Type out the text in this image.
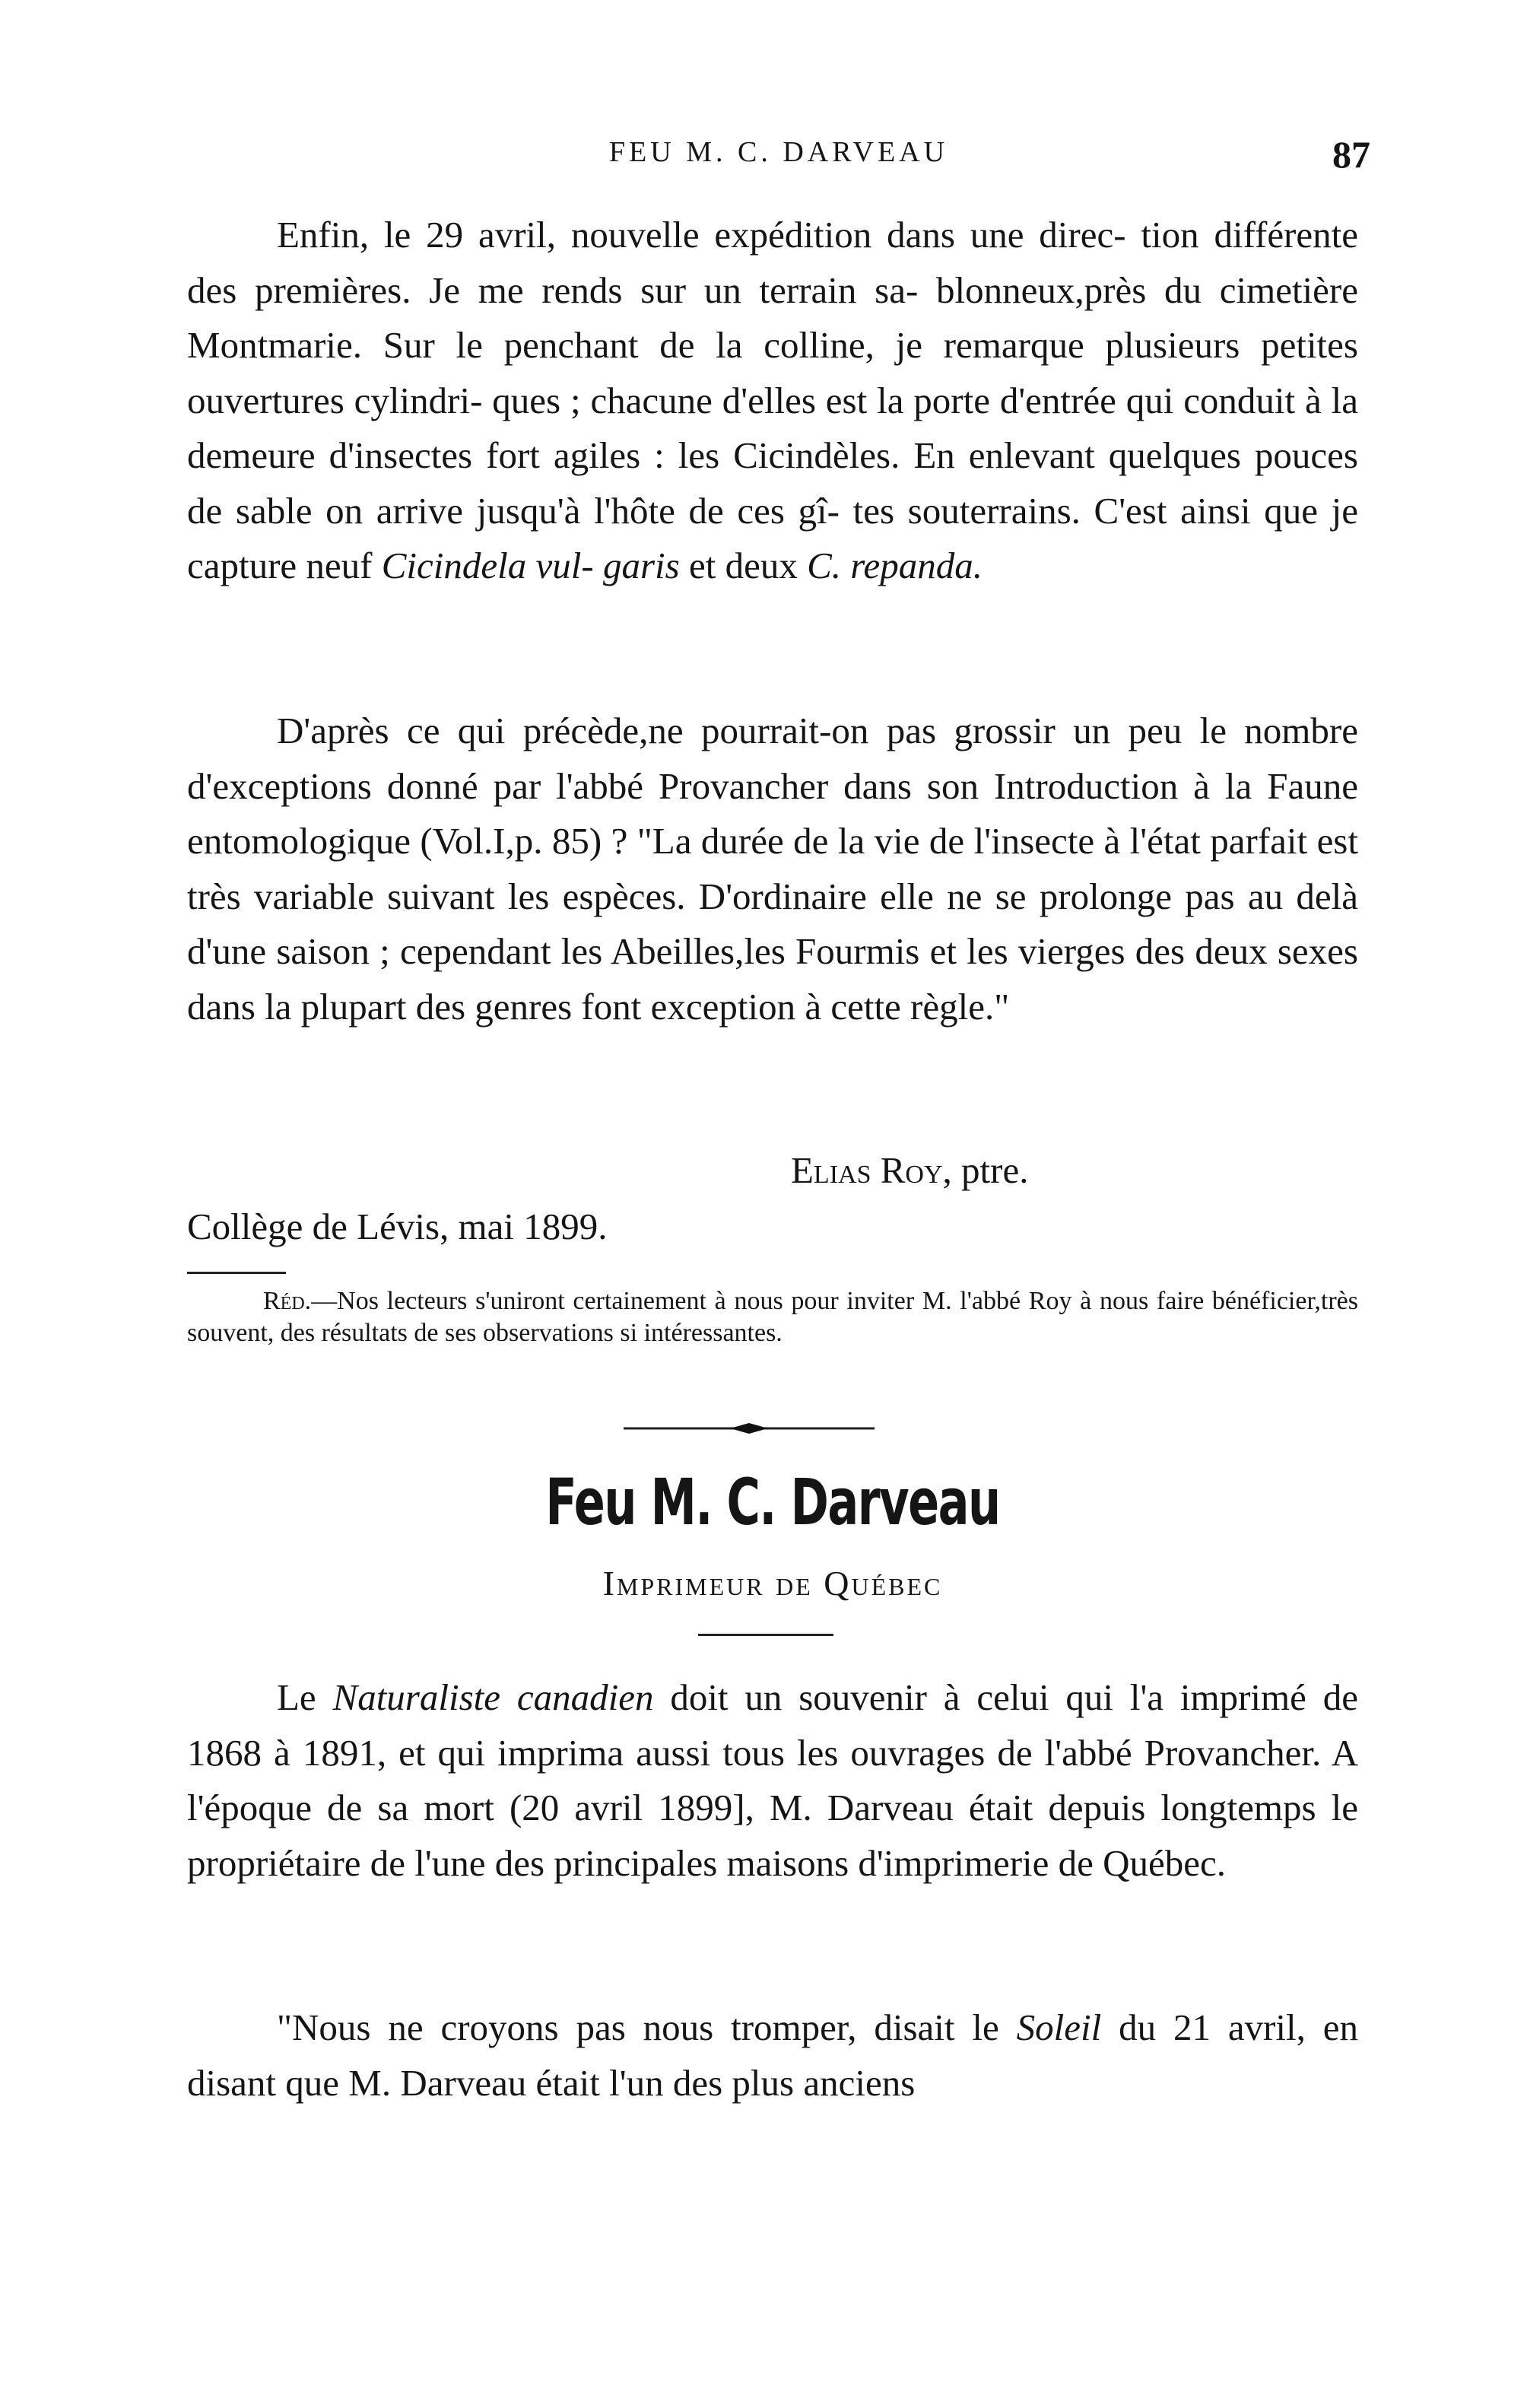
FEU M. C. DARVEAU	87

Enfin, le 29 avril, nouvelle expédition dans une direc- tion différente des premières. Je me rends sur un terrain sa- blonneux,près du cimetière Montmarie. Sur le penchant de la colline, je remarque plusieurs petites ouvertures cylindri- ques ; chacune d'elles est la porte d'entrée qui conduit à la demeure d'insectes fort agiles : les Cicindèles. En enlevant quelques pouces de sable on arrive jusqu'à l'hôte de ces gî- tes souterrains. C'est ainsi que je capture neuf Cicindela vul- garis et deux C. repanda.

D'après ce qui précède,ne pourrait-on pas grossir un peu le nombre d'exceptions donné par l'abbé Provancher dans son Introduction à la Faune entomologique (Vol.I,p. 85) ? "La durée de la vie de l'insecte à l'état parfait est très variable suivant les espèces. D'ordinaire elle ne se prolonge pas au delà d'une saison ; cependant les Abeilles,les Fourmis et les vierges des deux sexes dans la plupart des genres font exception à cette règle."

Elias Roy, ptre.
Collège de Lévis, mai 1899.

Réd.—Nos lecteurs s'uniront certainement à nous pour inviter M. l'abbé Roy à nous faire bénéficier,très souvent, des résultats de ses observations si intéressantes.

Feu M. C. Darveau
Imprimeur de Québec

Le Naturaliste canadien doit un souvenir à celui qui l'a imprimé de 1868 à 1891, et qui imprima aussi tous les ouvrages de l'abbé Provancher. A l'époque de sa mort (20 avril 1899], M. Darveau était depuis longtemps le propriétaire de l'une des principales maisons d'imprimerie de Québec.

"Nous ne croyons pas nous tromper, disait le Soleil du 21 avril, en disant que M. Darveau était l'un des plus anciens
